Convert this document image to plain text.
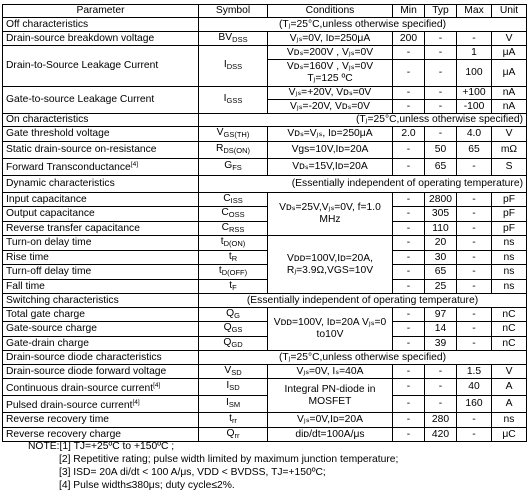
Parameter	Symbol	Conditions	Min	Typ	Max	Unit
Off characteristics	(Tⱼ=25°C,unless otherwise specified)					
Drain-source breakdown voltage	$BV_{DSS}$	Vⱼₛ=0V, Iᴅ=250μA	200	-	-	V
Drain-to-Source Leakage Current	$I_{DSS}$	Vᴅₛ=200V , Vⱼₛ=0V	-	-	1	μA
		Vᴅₛ=160V , Vⱼₛ=0V Tⱼ=125 ºC	-	-	100	μA
Gate-to-source Leakage Current	$I_{GSS}$	Vⱼₛ=+20V, Vᴅₛ=0V	-	-	+100	nA
		Vⱼₛ=-20V, Vᴅₛ=0V	-	-	-100	nA
On characteristics	(Tⱼ=25°C,unless otherwise specified)					
Gate threshold voltage	$V_{GS(TH)}$	Vᴅₛ=Vⱼₛ, Iᴅ=250μA	2.0	-	4.0	V
Static drain-source on-resistance	$R_{DS(ON)}$	Vgs=10V,Iᴅ=20A	-	50	65	mΩ
Forward Transconductance[4]	$G_{FS}$	Vᴅₛ=15V,Iᴅ=20A	-	65	-	S
Dynamic characteristics	(Essentially independent of operating temperature)					
Input capacitance	$C_{ISS}$	Vᴅₛ=25V,Vⱼₛ=0V, f=1.0 MHz	-	2800	-	pF
Output capacitance	$C_{OSS}$		-	305	-	pF
Reverse transfer capacitance	$C_{RSS}$		-	110	-	pF
Turn-on delay time	$t_{D(ON)}$	Vᴅᴅ=100V,Iᴅ=20A, Rⱼ=3.9Ω,VGS=10V	-	20	-	ns
Rise time	$t_R$		-	30	-	ns
Turn-off delay time	$t_{D(OFF)}$		-	65	-	ns
Fall time	$t_F$		-	25	-	ns
Switching characteristics	(Essentially independent of operating temperature)					
Total gate charge	$Q_G$	Vᴅᴅ=100V, Iᴅ=20A Vⱼₛ=0 to10V	-	97	-	nC
Gate-source charge	$Q_{GS}$		-	14	-	nC
Gate-drain charge	$Q_{GD}$		-	39	-	nC
Drain-source diode characteristics	(Tⱼ=25°C,unless otherwise specified)					
Drain-source diode forward voltage	$V_{SD}$	Vⱼₛ=0V, Iₛ=40A	-	-	1.5	V
Continuous drain-source current[4]	$I_{SD}$	Integral PN-diode in MOSFET	-	-	40	A
Pulsed drain-source current[4]	$I_{SM}$		-	-	160	A
Reverse recovery time	$t_{rr}$	Vⱼₛ=0V,Iᴅ=20A	-	280	-	ns
Reverse recovery charge	$Q_{rr}$	diᴅ/dt=100A/μs	-	420	-	μC
NOTE:[1] TJ=+25ºC to +150ºC ;
[2] Repetitive rating; pulse width limited by maximum junction temperature;
[3] ISD= 20A di/dt < 100 A/μs, VDD < BVDSS, TJ=+150ºC;
[4] Pulse width≤380μs; duty cycle≤2%.
